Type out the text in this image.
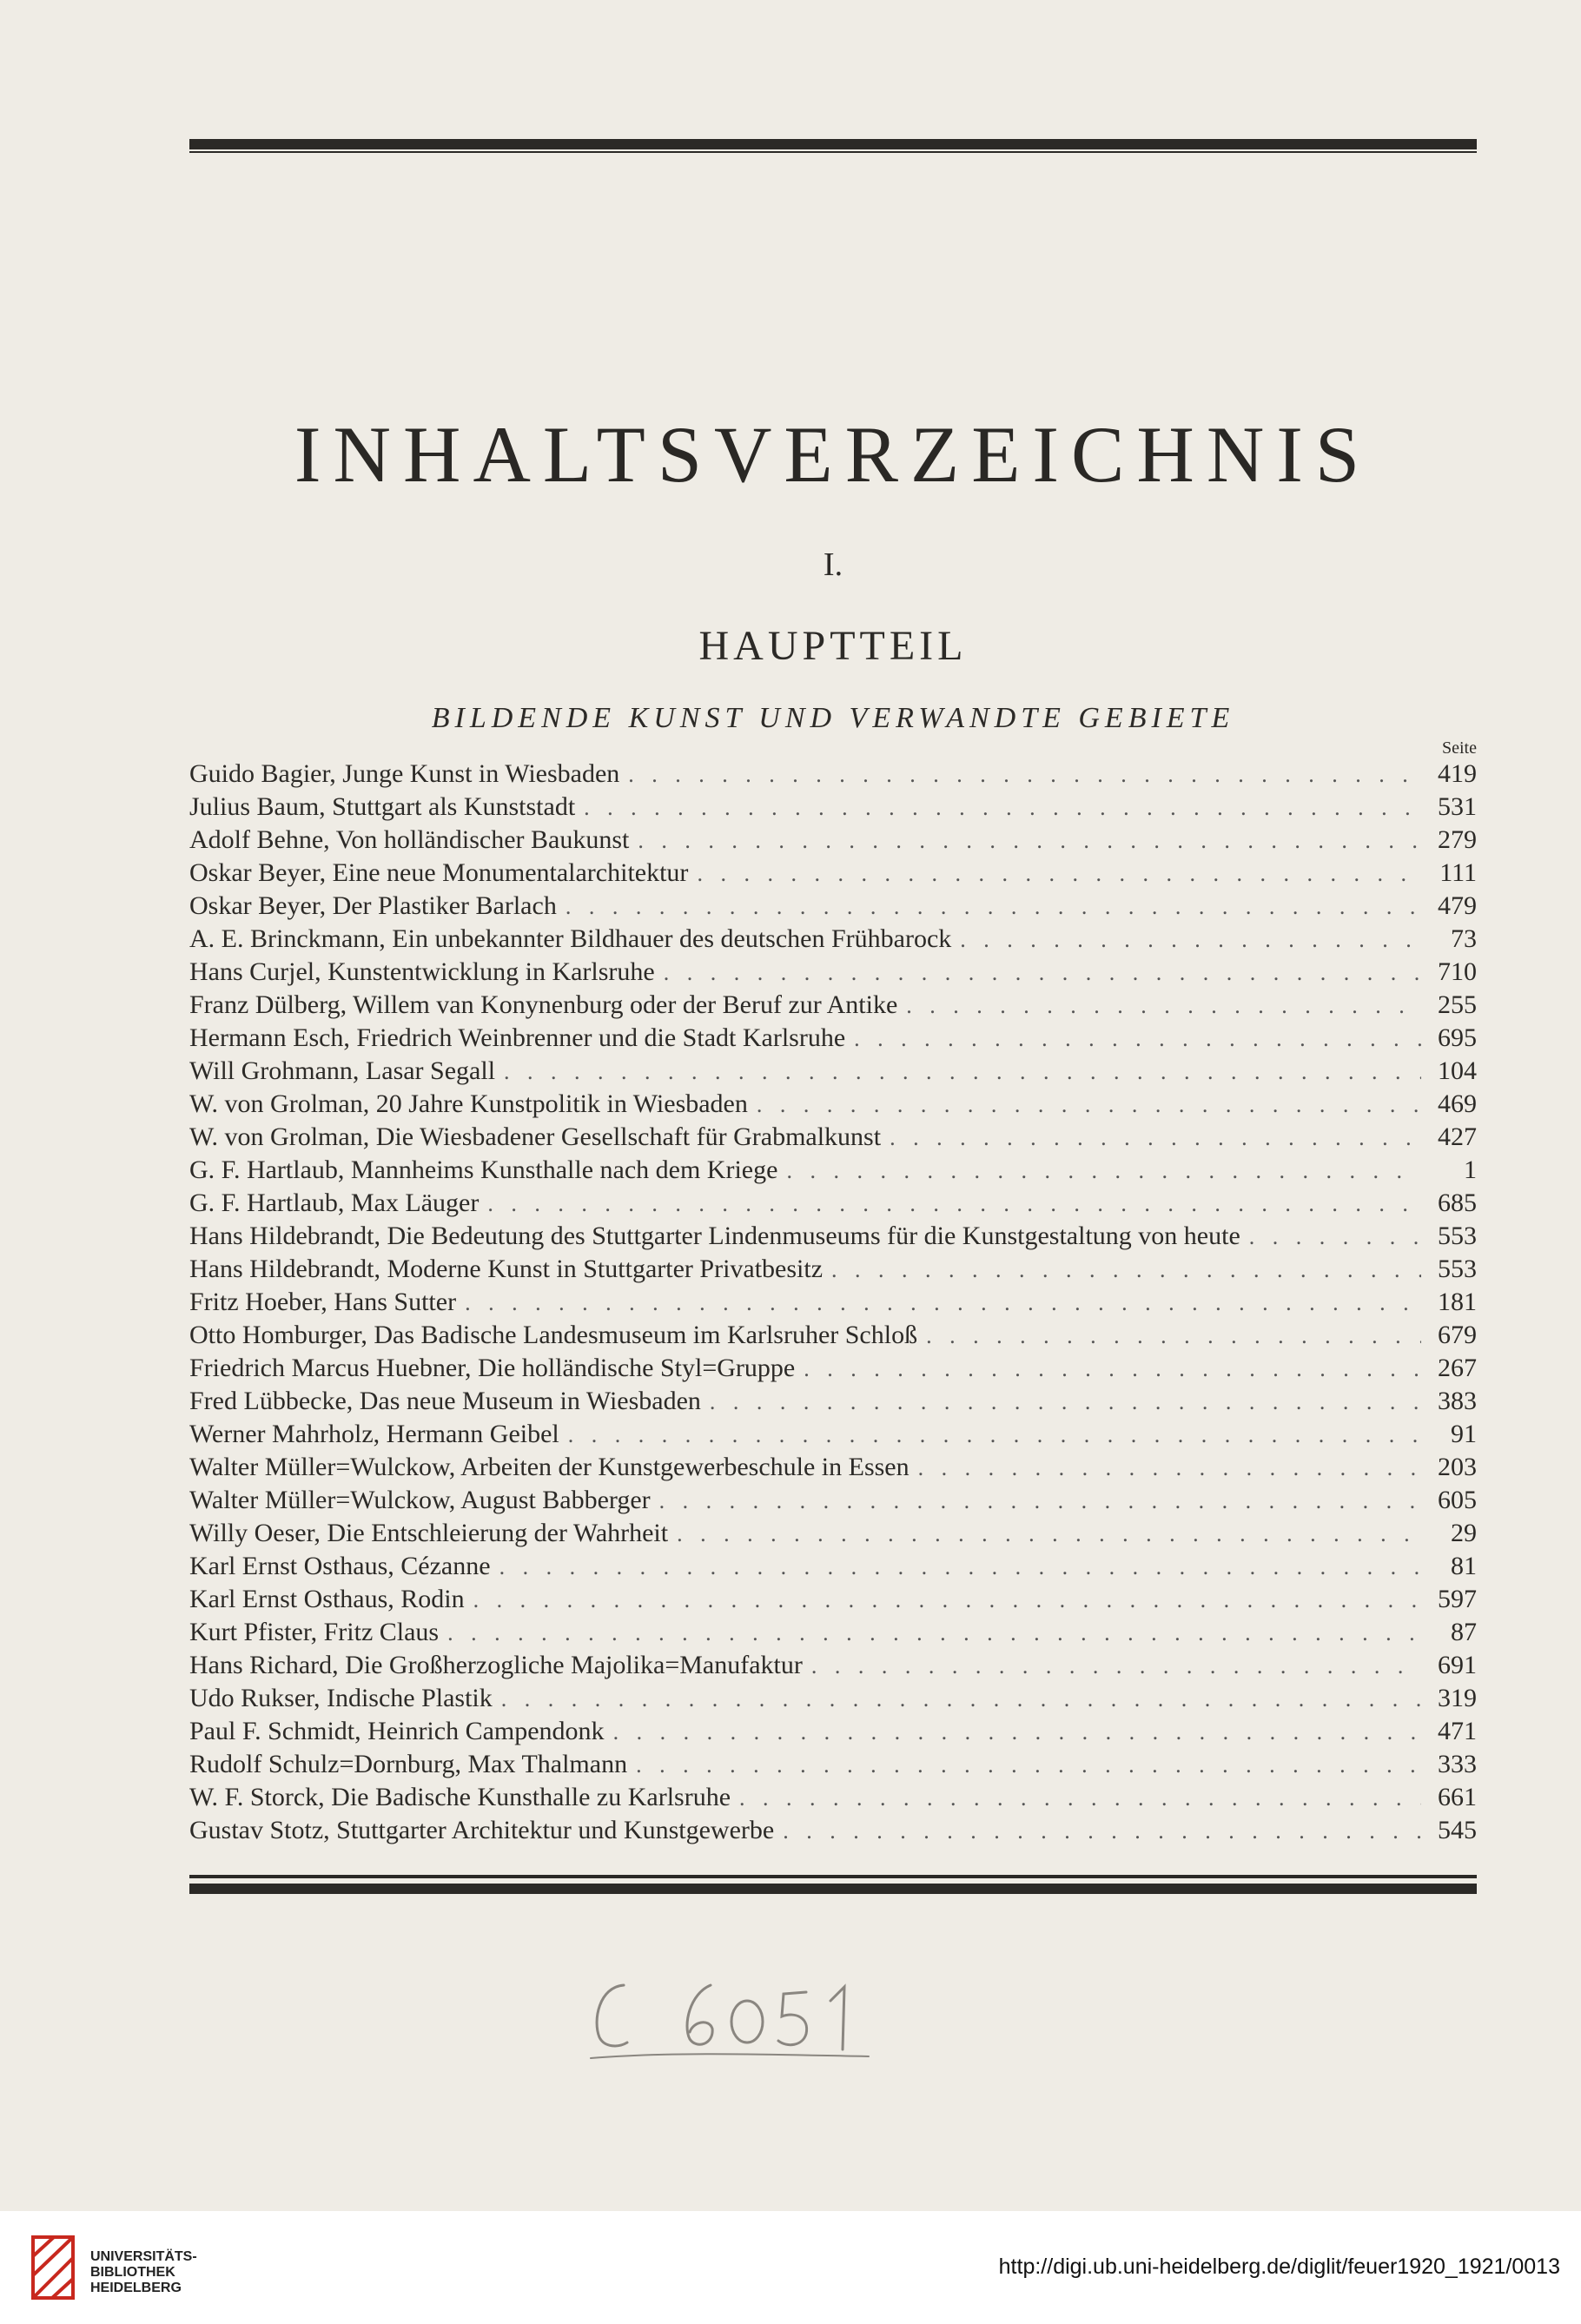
INHALTSVERZEICHNIS
I.
HAUPTTEIL
BILDENDE KUNST UND VERWANDTE GEBIETE
Seite
Guido Bagier, Junge Kunst in Wiesbaden . . .	419
Julius Baum, Stuttgart als Kunststadt . . .	531
Adolf Behne, Von holländischer Baukunst . . .	279
Oskar Beyer, Eine neue Monumentalarchitektur . . .	111
Oskar Beyer, Der Plastiker Barlach . . .	479
A. E. Brinckmann, Ein unbekannter Bildhauer des deutschen Frühbarock . . .	73
Hans Curjel, Kunstentwicklung in Karlsruhe . . .	710
Franz Dülberg, Willem van Konynenburg oder der Beruf zur Antike . . .	255
Hermann Esch, Friedrich Weinbrenner und die Stadt Karlsruhe . . .	695
Will Grohmann, Lasar Segall . . .	104
W. von Grolman, 20 Jahre Kunstpolitik in Wiesbaden . . .	469
W. von Grolman, Die Wiesbadener Gesellschaft für Grabmalkunst . . .	427
G. F. Hartlaub, Mannheims Kunsthalle nach dem Kriege . . .	1
G. F. Hartlaub, Max Läuger . . .	685
Hans Hildebrandt, Die Bedeutung des Stuttgarter Lindenmuseums für die Kunstgestaltung von heute . . .	553
Hans Hildebrandt, Moderne Kunst in Stuttgarter Privatbesitz . . .	553
Fritz Hoeber, Hans Sutter . . .	181
Otto Homburger, Das Badische Landesmuseum im Karlsruher Schloß . . .	679
Friedrich Marcus Huebner, Die holländische Styl=Gruppe . . .	267
Fred Lübbecke, Das neue Museum in Wiesbaden . . .	383
Werner Mahrholz, Hermann Geibel . . .	91
Walter Müller=Wulckow, Arbeiten der Kunstgewerbeschule in Essen . . .	203
Walter Müller=Wulckow, August Babberger . . .	605
Willy Oeser, Die Entschleierung der Wahrheit . . .	29
Karl Ernst Osthaus, Cézanne . . .	81
Karl Ernst Osthaus, Rodin . . .	597
Kurt Pfister, Fritz Claus . . .	87
Hans Richard, Die Großherzogliche Majolika=Manufaktur . . .	691
Udo Rukser, Indische Plastik . . .	319
Paul F. Schmidt, Heinrich Campendonk . . .	471
Rudolf Schulz=Dornburg, Max Thalmann . . .	333
W. F. Storck, Die Badische Kunsthalle zu Karlsruhe . . .	661
Gustav Stotz, Stuttgarter Architektur und Kunstgewerbe . . .	545
UNIVERSITÄTS-
BIBLIOTHEK
HEIDELBERG
http://digi.ub.uni-heidelberg.de/diglit/feuer1920_1921/0013
